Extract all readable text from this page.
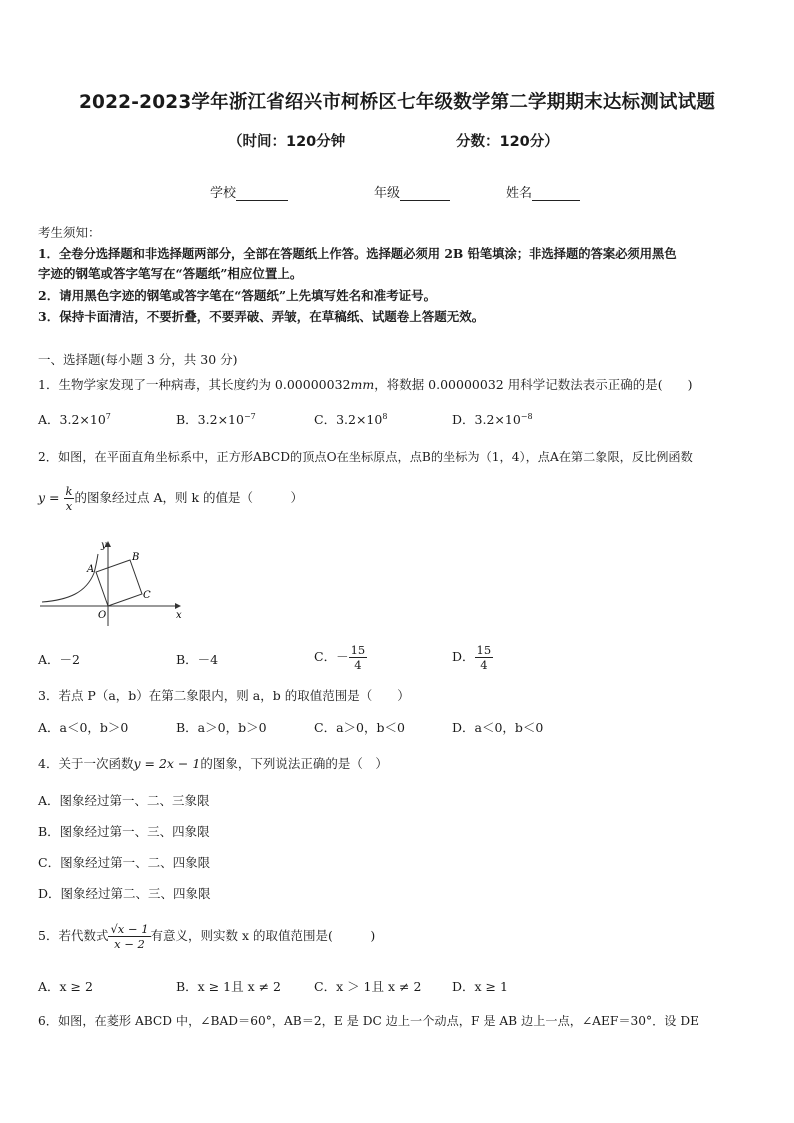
2022-2023学年浙江省绍兴市柯桥区七年级数学第二学期期末达标测试试题
（时间：120分钟	分数：120分）
学校	年级	姓名
考生须知：
1．全卷分选择题和非选择题两部分，全部在答题纸上作答。选择题必须用 2B 铅笔填涂；非选择题的答案必须用黑色
字迹的钢笔或答字笔写在“答题纸”相应位置上。
2．请用黑色字迹的钢笔或答字笔在“答题纸”上先填写姓名和准考证号。
3．保持卡面清洁，不要折叠，不要弄破、弄皱，在草稿纸、试题卷上答题无效。
一、选择题(每小题 3 分，共 30 分)
1．生物学家发现了一种病毒，其长度约为 0.00000032mm，将数据 0.00000032 用科学记数法表示正确的是(　　)
A．$3.2\times 10^7$	B．$3.2\times 10^{-7}$	C．$3.2\times 10^8$	D．$3.2\times 10^{-8}$
2．如图，在平面直角坐标系中，正方形ABCD的顶点O在坐标原点，点B的坐标为（1，4），点A在第二象限，反比例函数
$y = \frac{k}{x}$ 的图象经过点 A，则 k 的值是（　　　）
y
x
A
B
C
O
A．－2	B．－4	C．－ $\frac{15}{4}$	D． $\frac{15}{4}$
3．若点 P（a，b）在第二象限内，则 a，b 的取值范围是（　　）
A．a＜0，b＞0	B．a＞0，b＞0	C．a＞0，b＜0	D．a＜0，b＜0
4．关于一次函数y = 2x − 1的图象，下列说法正确的是（　）
A．图象经过第一、二、三象限
B．图象经过第一、三、四象限
C．图象经过第一、二、四象限
D．图象经过第二、三、四象限
5．若代数式 $\frac{√x - 1}{x - 2}$ 有意义，则实数 x 的取值范围是(　　　)
A．x ≥ 2	B．x ≥ 1且 x ≠ 2	C．x ＞ 1且 x ≠ 2 D．x ≥ 1
6．如图，在菱形 ABCD 中，∠BAD＝60°，AB＝2，E 是 DC 边上一个动点，F 是 AB 边上一点，∠AEF＝30°．设 DE
